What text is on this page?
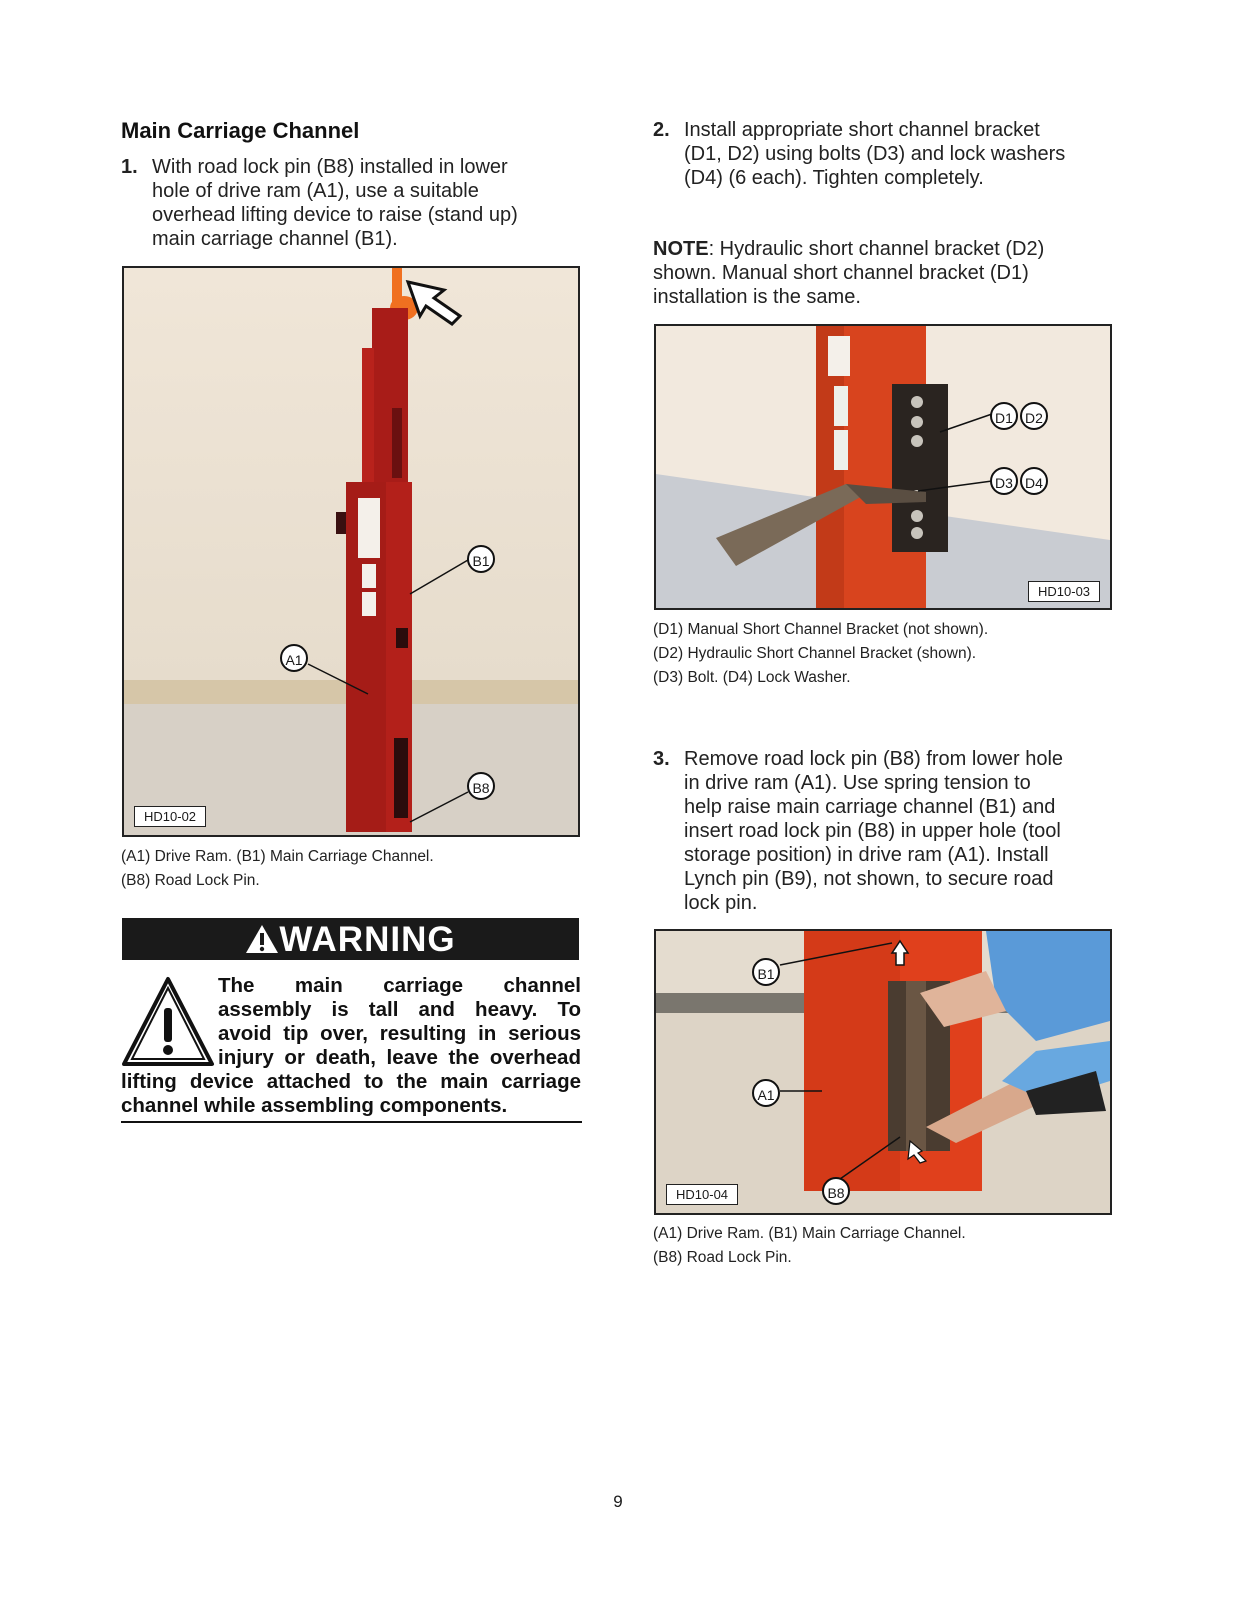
Main Carriage Channel
1. With road lock pin (B8) installed in lower
hole of drive ram (A1), use a suitable
overhead lifting device to raise (stand up)
main carriage channel (B1).
B1
A1
B8
HD10-02
(A1) Drive Ram. (B1) Main Carriage Channel.
(B8) Road Lock Pin.
WARNING
The main carriage channel
assembly is tall and heavy. To
avoid tip over, resulting in serious
injury or death, leave the overhead
lifting device attached to the main carriage
channel while assembling components.
2. Install appropriate short channel bracket
(D1, D2) using bolts (D3) and lock washers
(D4) (6 each). Tighten completely.
NOTE: Hydraulic short channel bracket (D2)
shown. Manual short channel bracket (D1)
installation is the same.
D1 D2
D3 D4
HD10-03
(D1) Manual Short Channel Bracket (not shown).
(D2) Hydraulic Short Channel Bracket (shown).
(D3) Bolt. (D4) Lock Washer.
3. Remove road lock pin (B8) from lower hole
in drive ram (A1). Use spring tension to
help raise main carriage channel (B1) and
insert road lock pin (B8) in upper hole (tool
storage position) in drive ram (A1). Install
Lynch pin (B9), not shown, to secure road
lock pin.
B1
A1
B8
HD10-04
(A1) Drive Ram. (B1) Main Carriage Channel.
(B8) Road Lock Pin.
9
